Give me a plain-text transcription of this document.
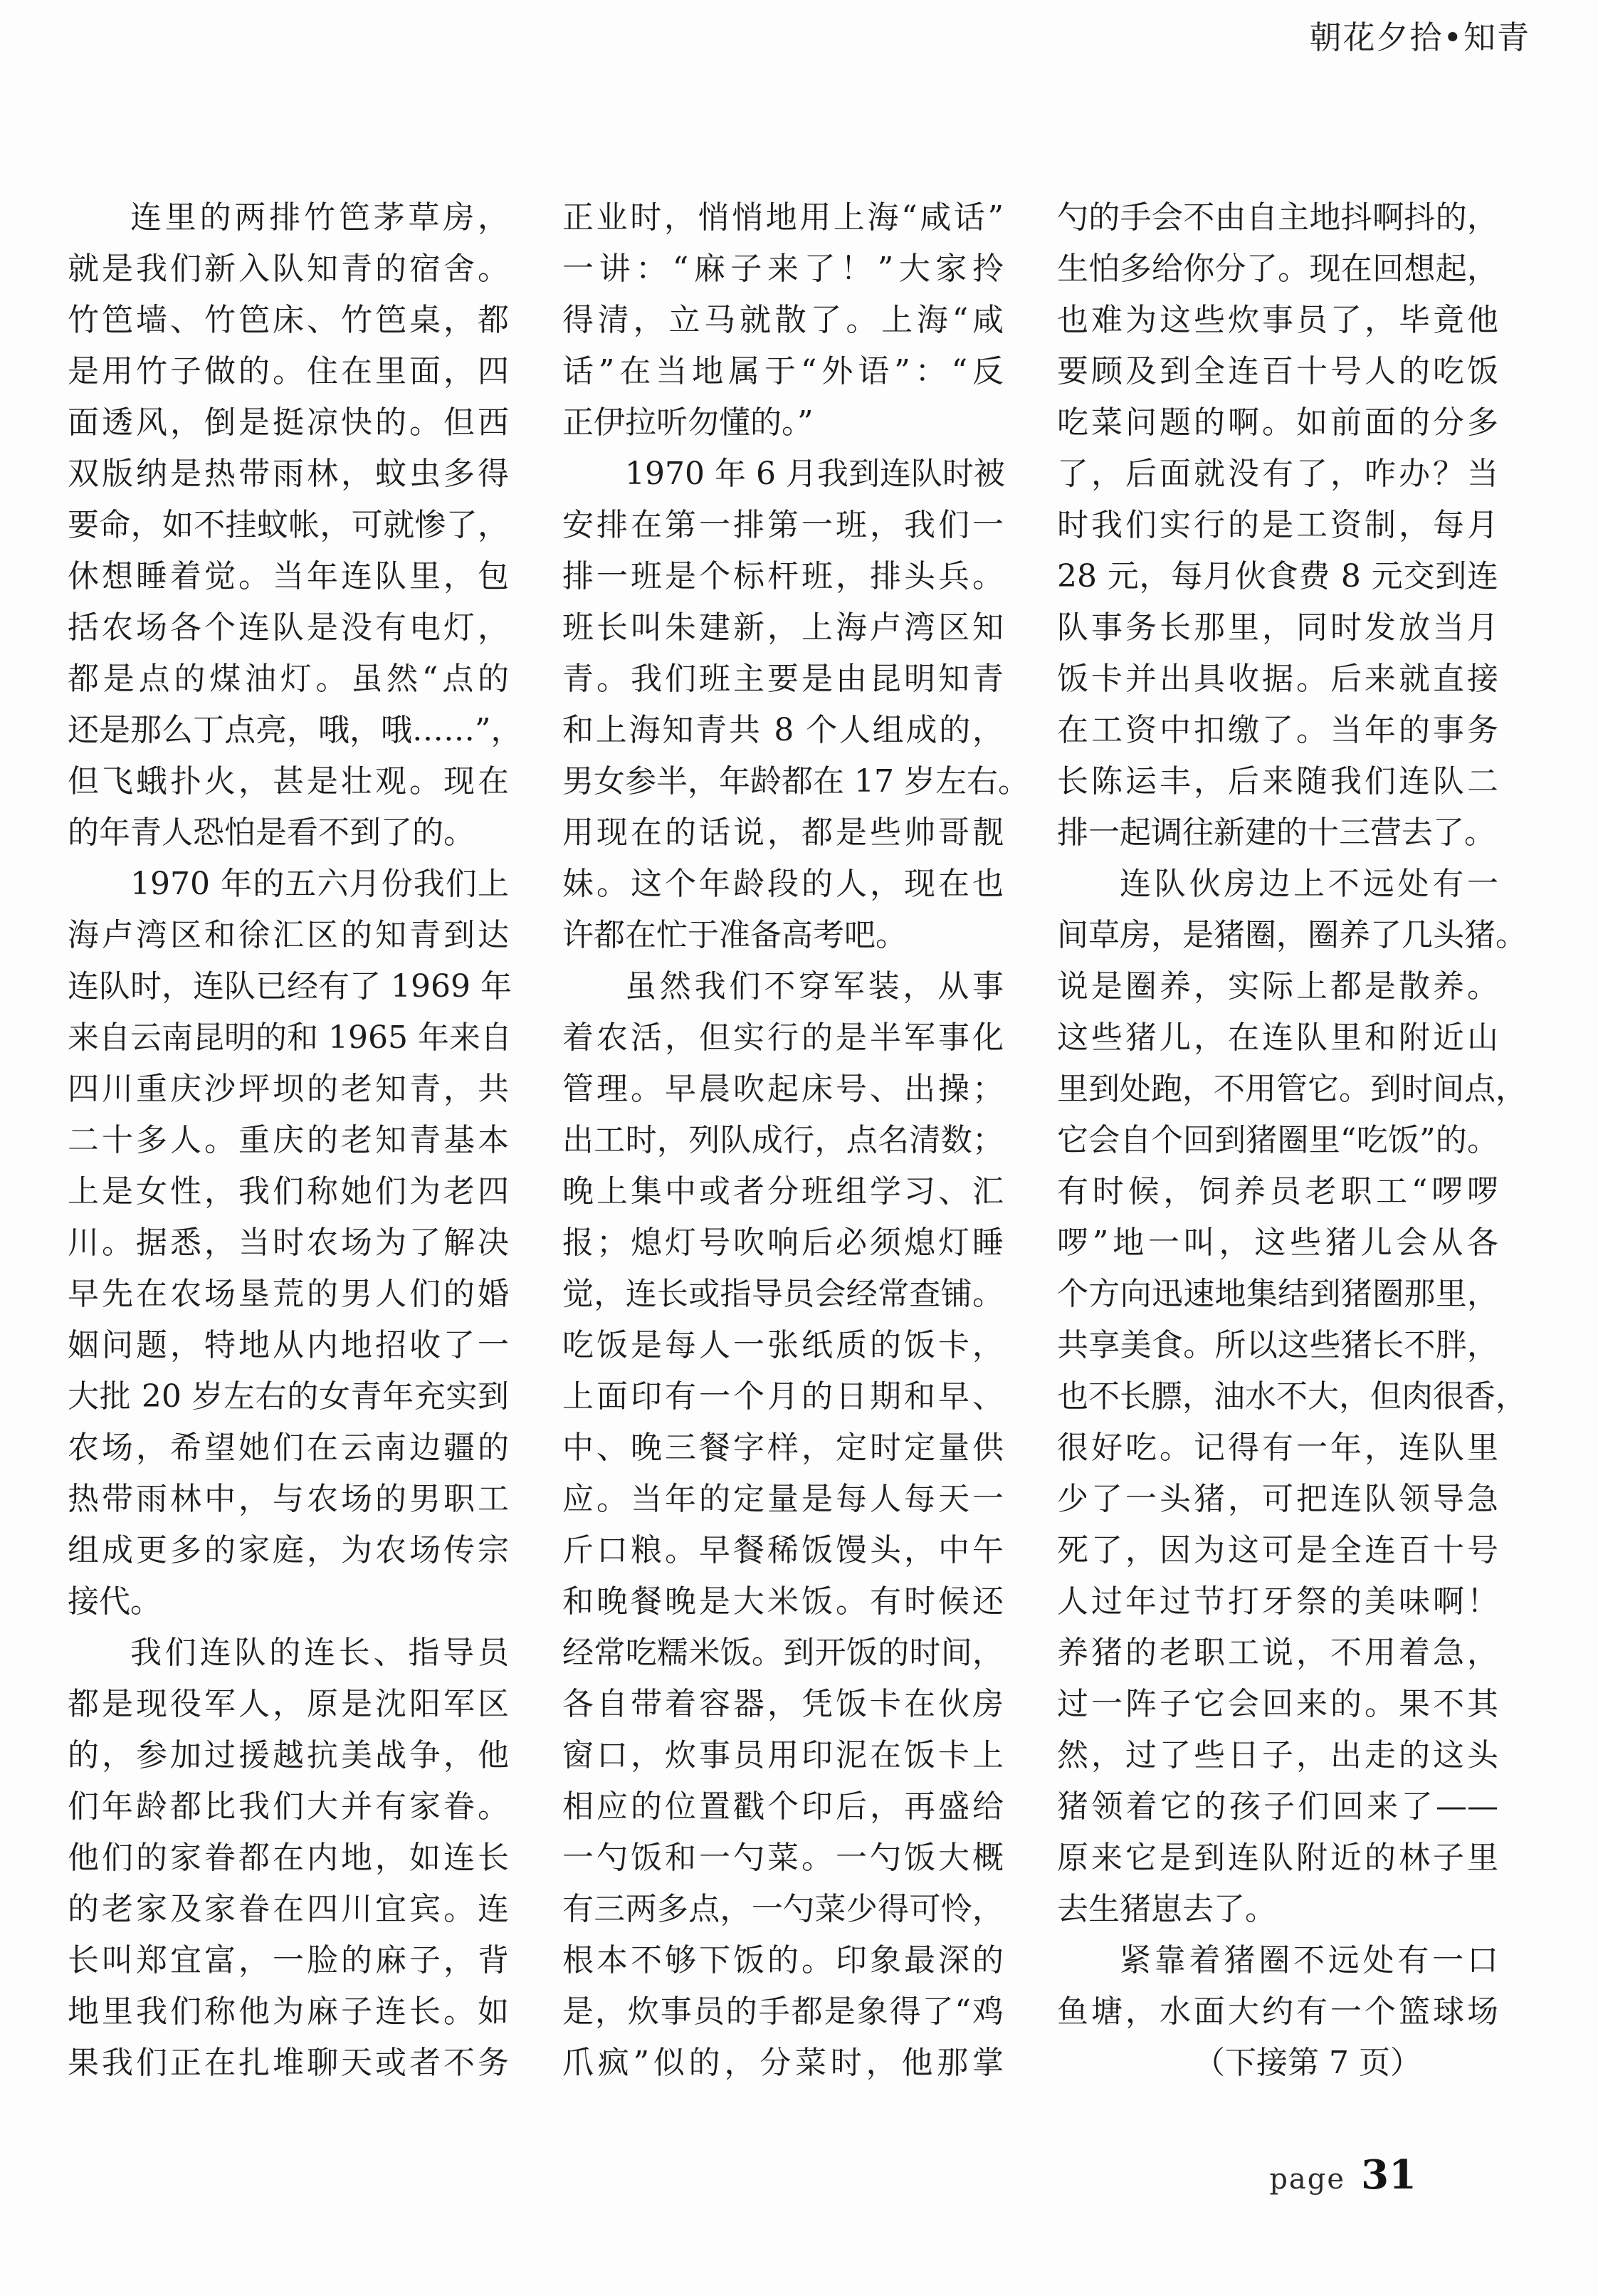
朝花夕拾•知青
连里的两排竹笆茅草房，
就是我们新入队知青的宿舍。
竹笆墙、竹笆床、竹笆桌，都
是用竹子做的。住在里面，四
面透风，倒是挺凉快的。但西
双版纳是热带雨林，蚊虫多得
要命，如不挂蚊帐，可就惨了，
休想睡着觉。当年连队里，包
括农场各个连队是没有电灯，
都是点的煤油灯。虽然“点的
还是那么丁点亮，哦，哦……”，
但飞蛾扑火，甚是壮观。现在
的年青人恐怕是看不到了的。
1970 年的五六月份我们上
海卢湾区和徐汇区的知青到达
连队时，连队已经有了 1969 年
来自云南昆明的和 1965 年来自
四川重庆沙坪坝的老知青，共
二十多人。重庆的老知青基本
上是女性，我们称她们为老四
川。据悉，当时农场为了解决
早先在农场垦荒的男人们的婚
姻问题，特地从内地招收了一
大批 20 岁左右的女青年充实到
农场，希望她们在云南边疆的
热带雨林中，与农场的男职工
组成更多的家庭，为农场传宗
接代。
我们连队的连长、指导员
都是现役军人，原是沈阳军区
的，参加过援越抗美战争，他
们年龄都比我们大并有家眷。
他们的家眷都在内地，如连长
的老家及家眷在四川宜宾。连
长叫郑宜富，一脸的麻子，背
地里我们称他为麻子连长。如
果我们正在扎堆聊天或者不务
正业时，悄悄地用上海“咸话”
一讲：“麻子来了！”大家拎
得清，立马就散了。上海“咸
话”在当地属于“外语”：“反
正伊拉听勿懂的。”
1970 年 6 月我到连队时被
安排在第一排第一班，我们一
排一班是个标杆班，排头兵。
班长叫朱建新，上海卢湾区知
青。我们班主要是由昆明知青
和上海知青共 8 个人组成的，
男女参半，年龄都在 17 岁左右。
用现在的话说，都是些帅哥靓
妹。这个年龄段的人，现在也
许都在忙于准备高考吧。
虽然我们不穿军装，从事
着农活，但实行的是半军事化
管理。早晨吹起床号、出操；
出工时，列队成行，点名清数；
晚上集中或者分班组学习、汇
报；熄灯号吹响后必须熄灯睡
觉，连长或指导员会经常查铺。
吃饭是每人一张纸质的饭卡，
上面印有一个月的日期和早、
中、晚三餐字样，定时定量供
应。当年的定量是每人每天一
斤口粮。早餐稀饭馒头，中午
和晚餐晚是大米饭。有时候还
经常吃糯米饭。到开饭的时间，
各自带着容器，凭饭卡在伙房
窗口，炊事员用印泥在饭卡上
相应的位置戳个印后，再盛给
一勺饭和一勺菜。一勺饭大概
有三两多点，一勺菜少得可怜，
根本不够下饭的。印象最深的
是，炊事员的手都是象得了“鸡
爪疯”似的，分菜时，他那掌
勺的手会不由自主地抖啊抖的，
生怕多给你分了。现在回想起，
也难为这些炊事员了，毕竟他
要顾及到全连百十号人的吃饭
吃菜问题的啊。如前面的分多
了，后面就没有了，咋办？当
时我们实行的是工资制，每月
28 元，每月伙食费 8 元交到连
队事务长那里，同时发放当月
饭卡并出具收据。后来就直接
在工资中扣缴了。当年的事务
长陈运丰，后来随我们连队二
排一起调往新建的十三营去了。
连队伙房边上不远处有一
间草房，是猪圈，圈养了几头猪。
说是圈养，实际上都是散养。
这些猪儿，在连队里和附近山
里到处跑，不用管它。到时间点，
它会自个回到猪圈里“吃饭”的。
有时候，饲养员老职工“啰啰
啰”地一叫，这些猪儿会从各
个方向迅速地集结到猪圈那里，
共享美食。所以这些猪长不胖，
也不长膘，油水不大，但肉很香，
很好吃。记得有一年，连队里
少了一头猪，可把连队领导急
死了，因为这可是全连百十号
人过年过节打牙祭的美味啊！
养猪的老职工说，不用着急，
过一阵子它会回来的。果不其
然，过了些日子，出走的这头
猪领着它的孩子们回来了——
原来它是到连队附近的林子里
去生猪崽去了。
紧靠着猪圈不远处有一口
鱼塘，水面大约有一个篮球场
（下接第 7 页）
page 31
